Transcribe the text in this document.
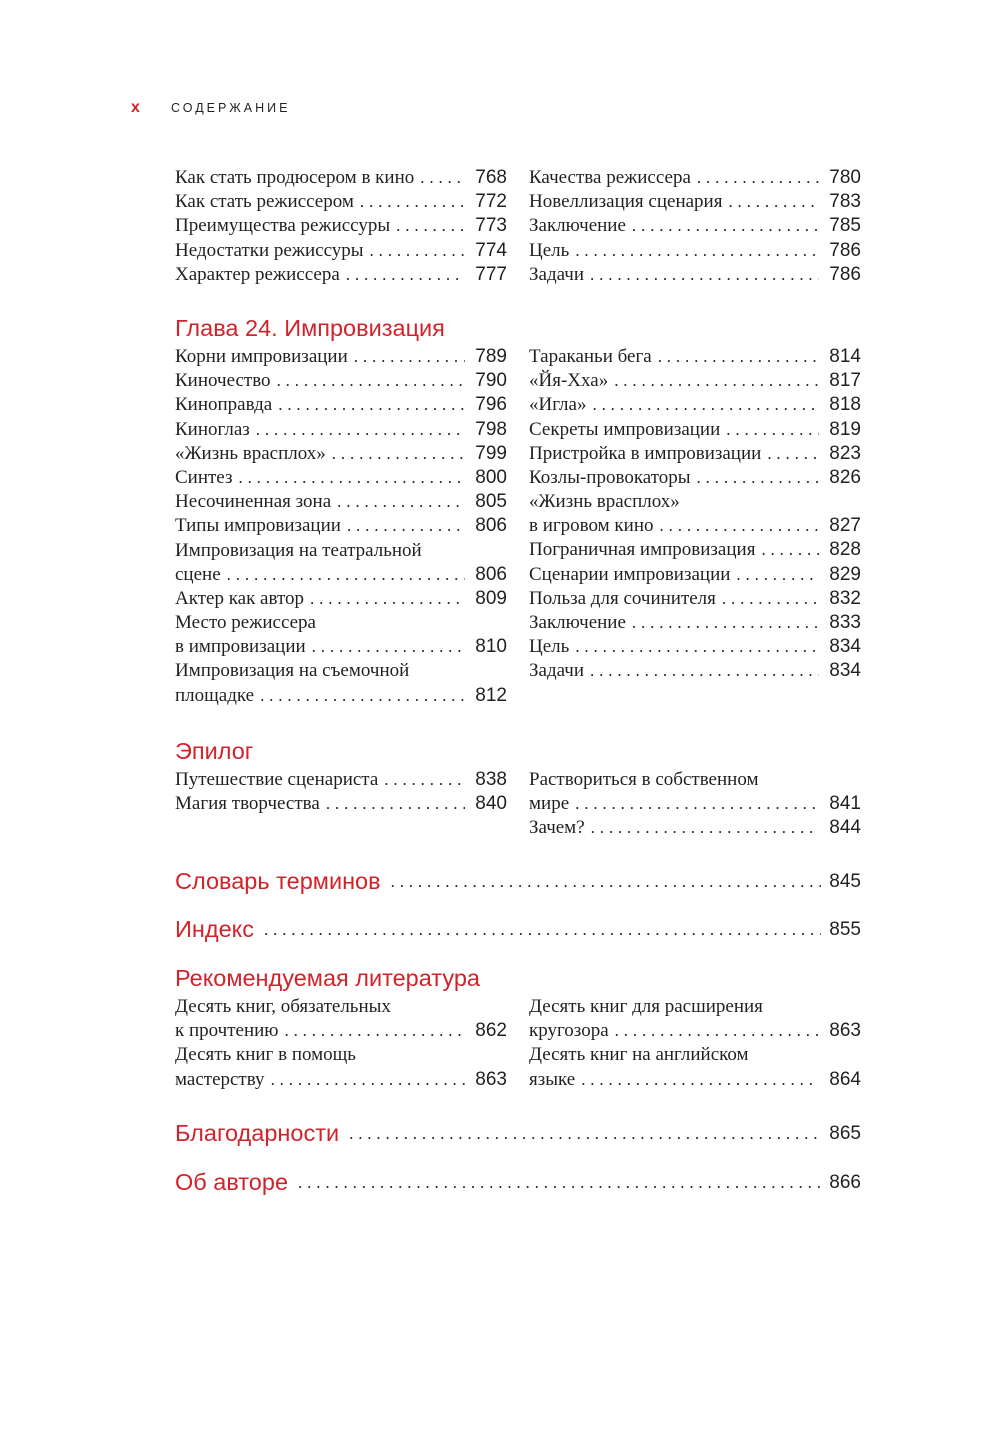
x	СОДЕРЖАНИЕ
Как стать продюсером в кино . . .	768
Как стать режиссером . . .	772
Преимущества режиссуры . . .	773
Недостатки режиссуры . . .	774
Характер режиссера . . .	777
Качества режиссера . . .	780
Новеллизация сценария . . .	783
Заключение . . .	785
Цель . . .	786
Задачи . . .	786
Глава 24. Импровизация
Корни импровизации . . .	789
Киночество . . .	790
Киноправда . . .	796
Киноглаз . . .	798
«Жизнь врасплох» . . .	799
Синтез . . .	800
Несочиненная зона . . .	805
Типы импровизации . . .	806
Импровизация на театральной
сцене . . .	806
Актер как автор . . .	809
Место режиссера
в импровизации . . .	810
Импровизация на съемочной
площадке . . .	812
Тараканьи бега . . .	814
«Йя-Хха» . . .	817
«Игла» . . .	818
Секреты импровизации . . .	819
Пристройка в импровизации . . .	823
Козлы-провокаторы . . .	826
«Жизнь врасплох»
в игровом кино . . .	827
Пограничная импровизация . . .	828
Сценарии импровизации . . .	829
Польза для сочинителя . . .	832
Заключение . . .	833
Цель . . .	834
Задачи . . .	834
Эпилог
Путешествие сценариста . . .	838
Магия творчества . . .	840
Раствориться в собственном
мире . . .	841
Зачем? . . .	844
Словарь терминов . . .	845
Индекс . . .	855
Рекомендуемая литература
Десять книг, обязательных
к прочтению . . .	862
Десять книг в помощь
мастерству . . .	863
Десять книг для расширения
кругозора . . .	863
Десять книг на английском
языке . . .	864
Благодарности . . .	865
Об авторе . . .	866
